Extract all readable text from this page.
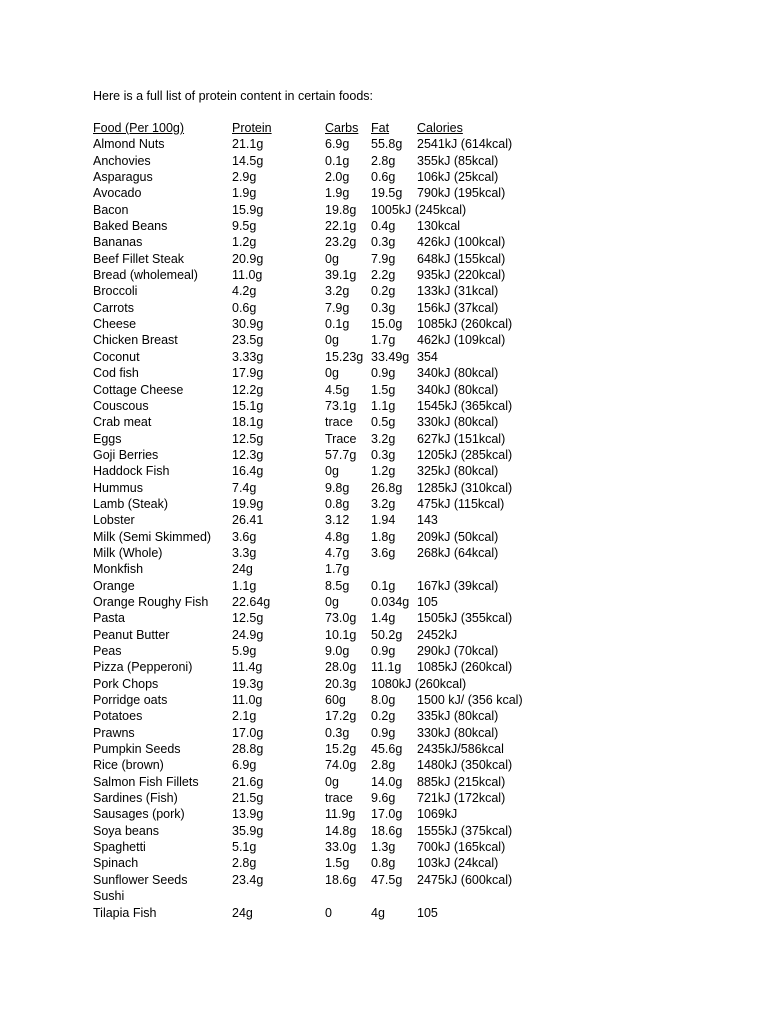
Here is a full list of protein content in certain foods:
Food (Per 100g)	Protein	Carbs Fat Calories
Almond Nuts	21.1g	6.9g 55.8g 2541kJ (614kcal)
Anchovies	14.5g	0.1g 2.8g 355kJ (85kcal)
Asparagus	2.9g	2.0g 0.6g 106kJ (25kcal)
Avocado	1.9g	1.9g 19.5g 790kJ (195kcal)
Bacon	15.9g	19.8g 1005kJ (245kcal)
Baked Beans	9.5g	22.1g 0.4g 130kcal
Bananas	1.2g	23.2g 0.3g 426kJ (100kcal)
Beef Fillet Steak	20.9g	0g	7.9g 648kJ (155kcal)
Bread (wholemeal)	11.0g	39.1g 2.2g 935kJ (220kcal)
Broccoli	4.2g	3.2g 0.2g 133kJ (31kcal)
Carrots	0.6g	7.9g 0.3g 156kJ (37kcal)
Cheese	30.9g	0.1g 15.0g 1085kJ (260kcal)
Chicken Breast	23.5g	0g	1.7g 462kJ (109kcal)
Coconut	3.33g	15.23g 33.49g 354
Cod fish	17.9g	0g	0.9g 340kJ (80kcal)
Cottage Cheese	12.2g	4.5g 1.5g 340kJ (80kcal)
Couscous	15.1g	73.1g 1.1g 1545kJ (365kcal)
Crab meat	18.1g	trace 0.5g 330kJ (80kcal)
Eggs	12.5g	Trace 3.2g 627kJ (151kcal)
Goji Berries	12.3g	57.7g 0.3g 1205kJ (285kcal)
Haddock Fish	16.4g	0g	1.2g 325kJ (80kcal)
Hummus	7.4g	9.8g 26.8g 1285kJ (310kcal)
Lamb (Steak)	19.9g	0.8g 3.2g 475kJ (115kcal)
Lobster	26.41	3.12 1.94 143
Milk (Semi Skimmed) 3.6g	4.8g 1.8g 209kJ (50kcal)
Milk (Whole)	3.3g	4.7g 3.6g 268kJ (64kcal)
Monkfish	24g	1.7g
Orange	1.1g	8.5g 0.1g 167kJ (39kcal)
Orange Roughy Fish 22.64g	0g	0.034g 105
Pasta	12.5g	73.0g 1.4g 1505kJ (355kcal)
Peanut Butter	24.9g	10.1g 50.2g 2452kJ
Peas	5.9g	9.0g 0.9g 290kJ (70kcal)
Pizza (Pepperoni)	11.4g	28.0g 11.1g 1085kJ (260kcal)
Pork Chops	19.3g	20.3g 1080kJ (260kcal)
Porridge oats	11.0g	60g 8.0g 1500 kJ/ (356 kcal)
Potatoes	2.1g	17.2g 0.2g 335kJ (80kcal)
Prawns	17.0g	0.3g 0.9g 330kJ (80kcal)
Pumpkin Seeds	28.8g	15.2g 45.6g 2435kJ/586kcal
Rice (brown)	6.9g	74.0g 2.8g 1480kJ (350kcal)
Salmon Fish Fillets	21.6g	0g	14.0g 885kJ (215kcal)
Sardines (Fish)	21.5g	trace 9.6g 721kJ (172kcal)
Sausages (pork)	13.9g	11.9g 17.0g 1069kJ
Soya beans	35.9g	14.8g 18.6g 1555kJ (375kcal)
Spaghetti	5.1g	33.0g 1.3g 700kJ (165kcal)
Spinach	2.8g	1.5g 0.8g 103kJ (24kcal)
Sunflower Seeds	23.4g	18.6g 47.5g 2475kJ (600kcal)
Sushi
Tilapia Fish	24g	0	4g	105
